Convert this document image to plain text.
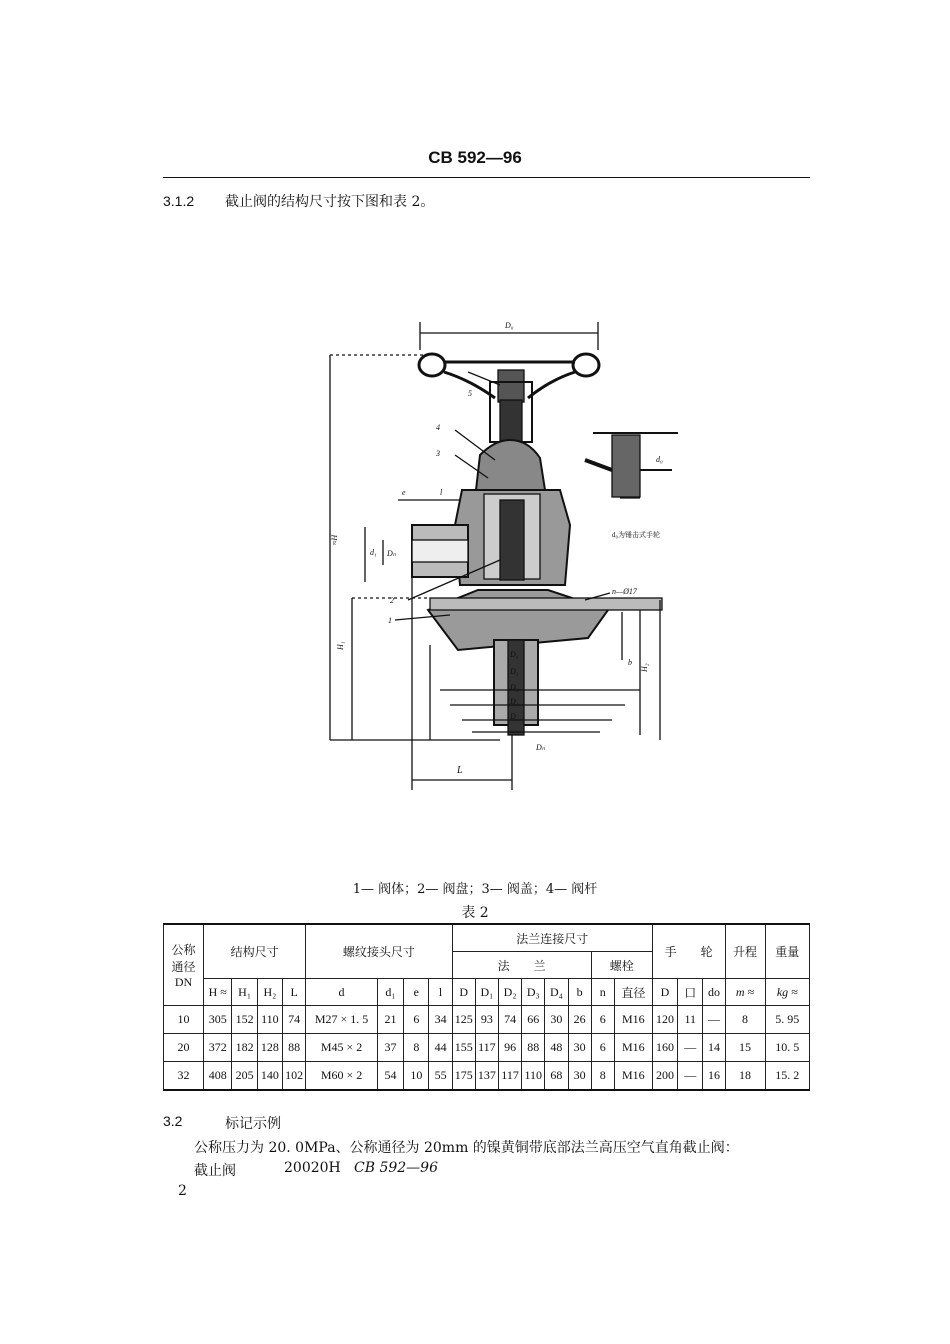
CB 592—96
3.1.2 截止阀的结构尺寸按下图和表 2。
D₀
≈H
H₁
H₂
d₁ Dₙ
e	l
1
2
3
4
5
n—Ø17
b
D₄
D₃
D₂
D₁
D
Dₙ
L
d₀
d₀为锤击式手轮
1— 阀体；2— 阀盘；3— 阀盖；4— 阀杆
表 2
公称
通径
DN	结构尺寸				螺纹接头尺寸				法兰连接尺寸								手　　轮			升程	重量
									法　　兰						螺栓						
	H ≈	H₁	H₂	L	d	d₁	e	l	D	D₁	D₂	D₃	D₄	b	n	直径	D	口	do	m ≈	kg ≈
10	305	152	110	74	M27 × 1. 5	21	6	34	125	93	74	66	30	26	6	M16	120	11	—	8	5. 95
20	372	182	128	88	M45 × 2	37	8	44	155	117	96	88	48	30	6	M16	160	—	14	15	10. 5
32	408	205	140	102	M60 × 2	54	10	55	175	137	117	110	68	30	8	M16	200	—	16	18	15. 2
3.2	标记示例
公称压力为 20. 0MPa、公称通径为 20mm 的镍黄铜带底部法兰高压空气直角截止阀：
截止阀	20020H CB 592—96
2
